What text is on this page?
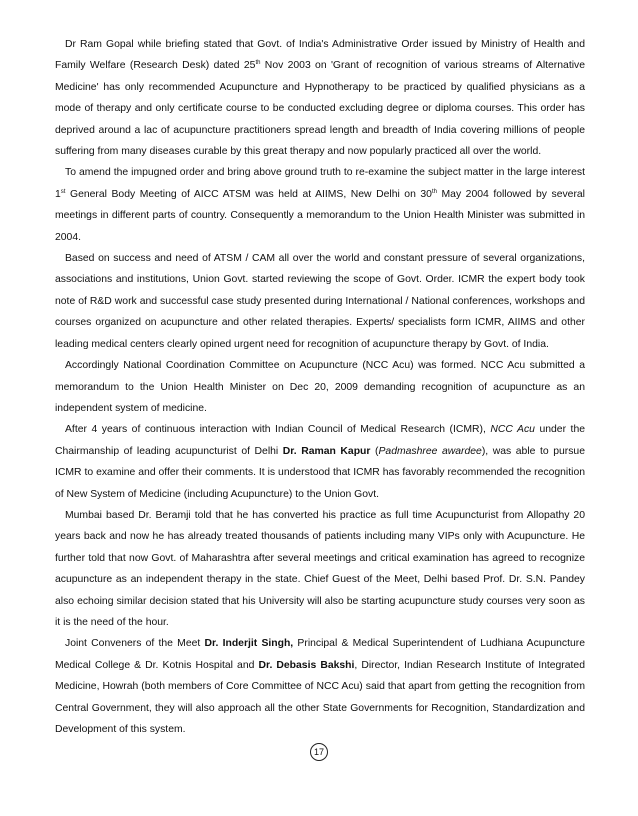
Dr Ram Gopal while briefing stated that Govt. of India's Administrative Order issued by Ministry of Health and Family Welfare (Research Desk) dated 25th Nov 2003 on 'Grant of recognition of various streams of Alternative Medicine' has only recommended Acupuncture and Hypnotherapy to be practiced by qualified physicians as a mode of therapy and only certificate course to be conducted excluding degree or diploma courses. This order has deprived around a lac of acupuncture practitioners spread length and breadth of India covering millions of people suffering from many diseases curable by this great therapy and now popularly practiced all over the world.

To amend the impugned order and bring above ground truth to re-examine the subject matter in the large interest 1st General Body Meeting of AICC ATSM was held at AIIMS, New Delhi on 30th May 2004 followed by several meetings in different parts of country. Consequently a memorandum to the Union Health Minister was submitted in 2004.

Based on success and need of ATSM / CAM all over the world and constant pressure of several organizations, associations and institutions, Union Govt. started reviewing the scope of Govt. Order. ICMR the expert body took note of R&D work and successful case study presented during International / National conferences, workshops and courses organized on acupuncture and other related therapies. Experts/ specialists form ICMR, AIIMS and other leading medical centers clearly opined urgent need for recognition of acupuncture therapy by Govt. of India.

Accordingly National Coordination Committee on Acupuncture (NCC Acu) was formed. NCC Acu submitted a memorandum to the Union Health Minister on Dec 20, 2009 demanding recognition of acupuncture as an independent system of medicine.

After 4 years of continuous interaction with Indian Council of Medical Research (ICMR), NCC Acu under the Chairmanship of leading acupuncturist of Delhi Dr. Raman Kapur (Padmashree awardee), was able to pursue ICMR to examine and offer their comments. It is understood that ICMR has favorably recommended the recognition of New System of Medicine (including Acupuncture) to the Union Govt.

Mumbai based Dr. Beramji told that he has converted his practice as full time Acupuncturist from Allopathy 20 years back and now he has already treated thousands of patients including many VIPs only with Acupuncture. He further told that now Govt. of Maharashtra after several meetings and critical examination has agreed to recognize acupuncture as an independent therapy in the state. Chief Guest of the Meet, Delhi based Prof. Dr. S.N. Pandey also echoing similar decision stated that his University will also be starting acupuncture study courses very soon as it is the need of the hour.

Joint Conveners of the Meet Dr. Inderjit Singh, Principal & Medical Superintendent of Ludhiana Acupuncture Medical College & Dr. Kotnis Hospital and Dr. Debasis Bakshi, Director, Indian Research Institute of Integrated Medicine, Howrah (both members of Core Committee of NCC Acu) said that apart from getting the recognition from Central Government, they will also approach all the other State Governments for Recognition, Standardization and Development of this system.

17
